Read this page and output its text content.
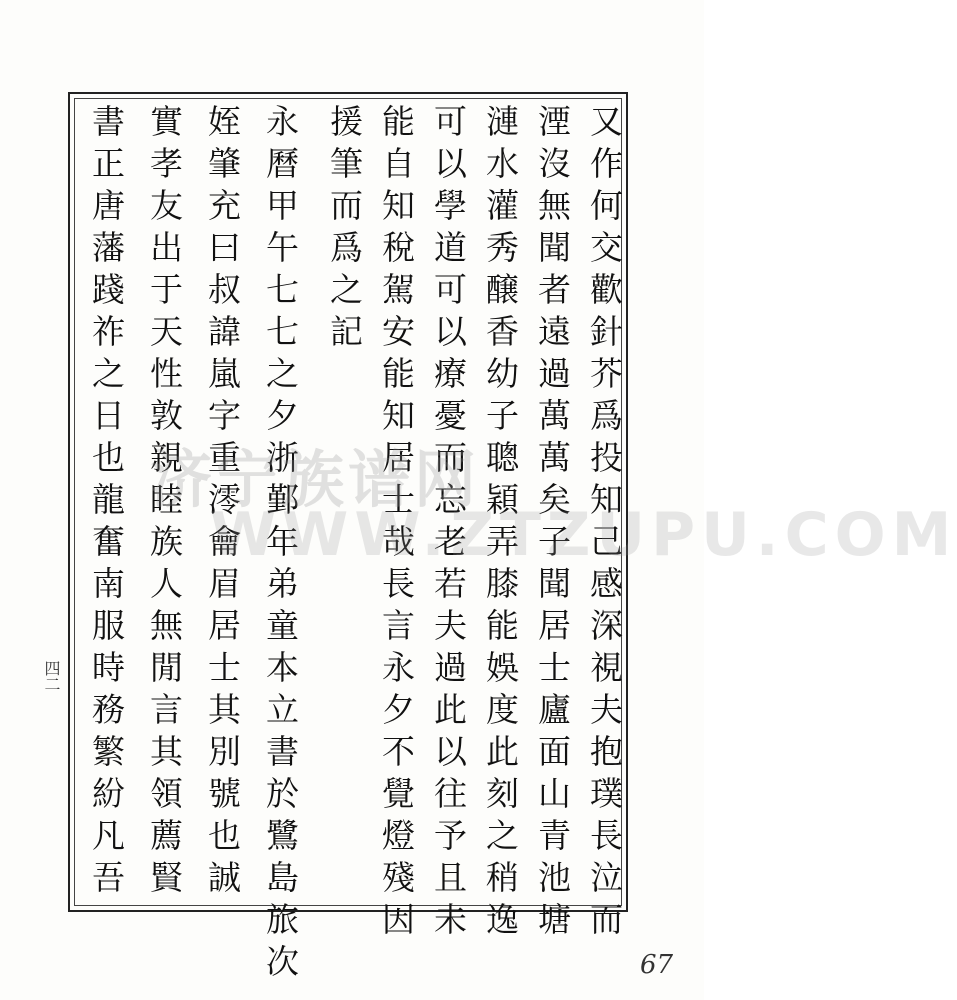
又作何交歡針芥爲投知己感深視夫抱璞長泣而
湮沒無聞者遠過萬萬矣子聞居士廬面山青池塘
漣水灌秀醸香幼子聰穎弄膝能娛度此刻之稍逸
可以學道可以療憂而忘老若夫過此以往予且未
能自知稅駕安能知居士哉長言永夕不覺燈殘因
援筆而爲之記
永曆甲午七七之夕浙鄞年弟童本立書於鷺島旅次
姪肇充曰叔諱嵐字重澪龠眉居士其別號也誠
實孝友出于天性敦親睦族人無閒言其領薦賢
書正唐藩踐祚之日也龍奮南服時務繁紛凡吾 济宁族谱网
WWW.ZTZUPU.COM
四二
67
